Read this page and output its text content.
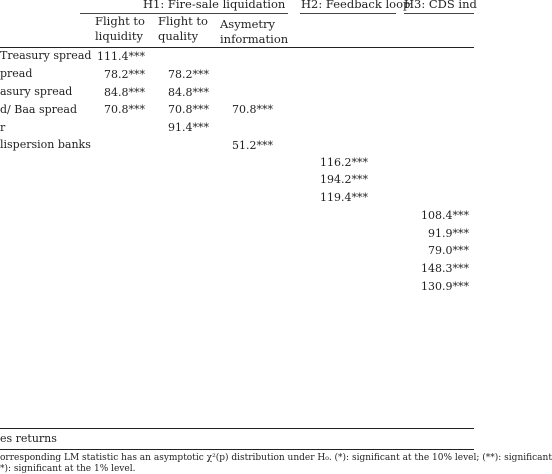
H1: Fire-sale liquidation H2: Feedback loop
H3: CDS ind
Flight to
liquidity
Flight to
quality
Asymetry
information
Treasury spread
pread
asury spread
d/ Baa spread
r
lispersion banks
111.4***
78.2*** 78.2***
84.8*** 84.8***
70.8*** 70.8*** 70.8***
91.4***
51.2***
116.2***
194.2***
119.4***
108.4***
91.9***
79.0***
148.3***
130.9***
es returns
orresponding LM statistic has an asymptotic χ²(p) distribution under H₀. (*): significant at the 10% level; (**): significant
*): significant at the 1% level.
